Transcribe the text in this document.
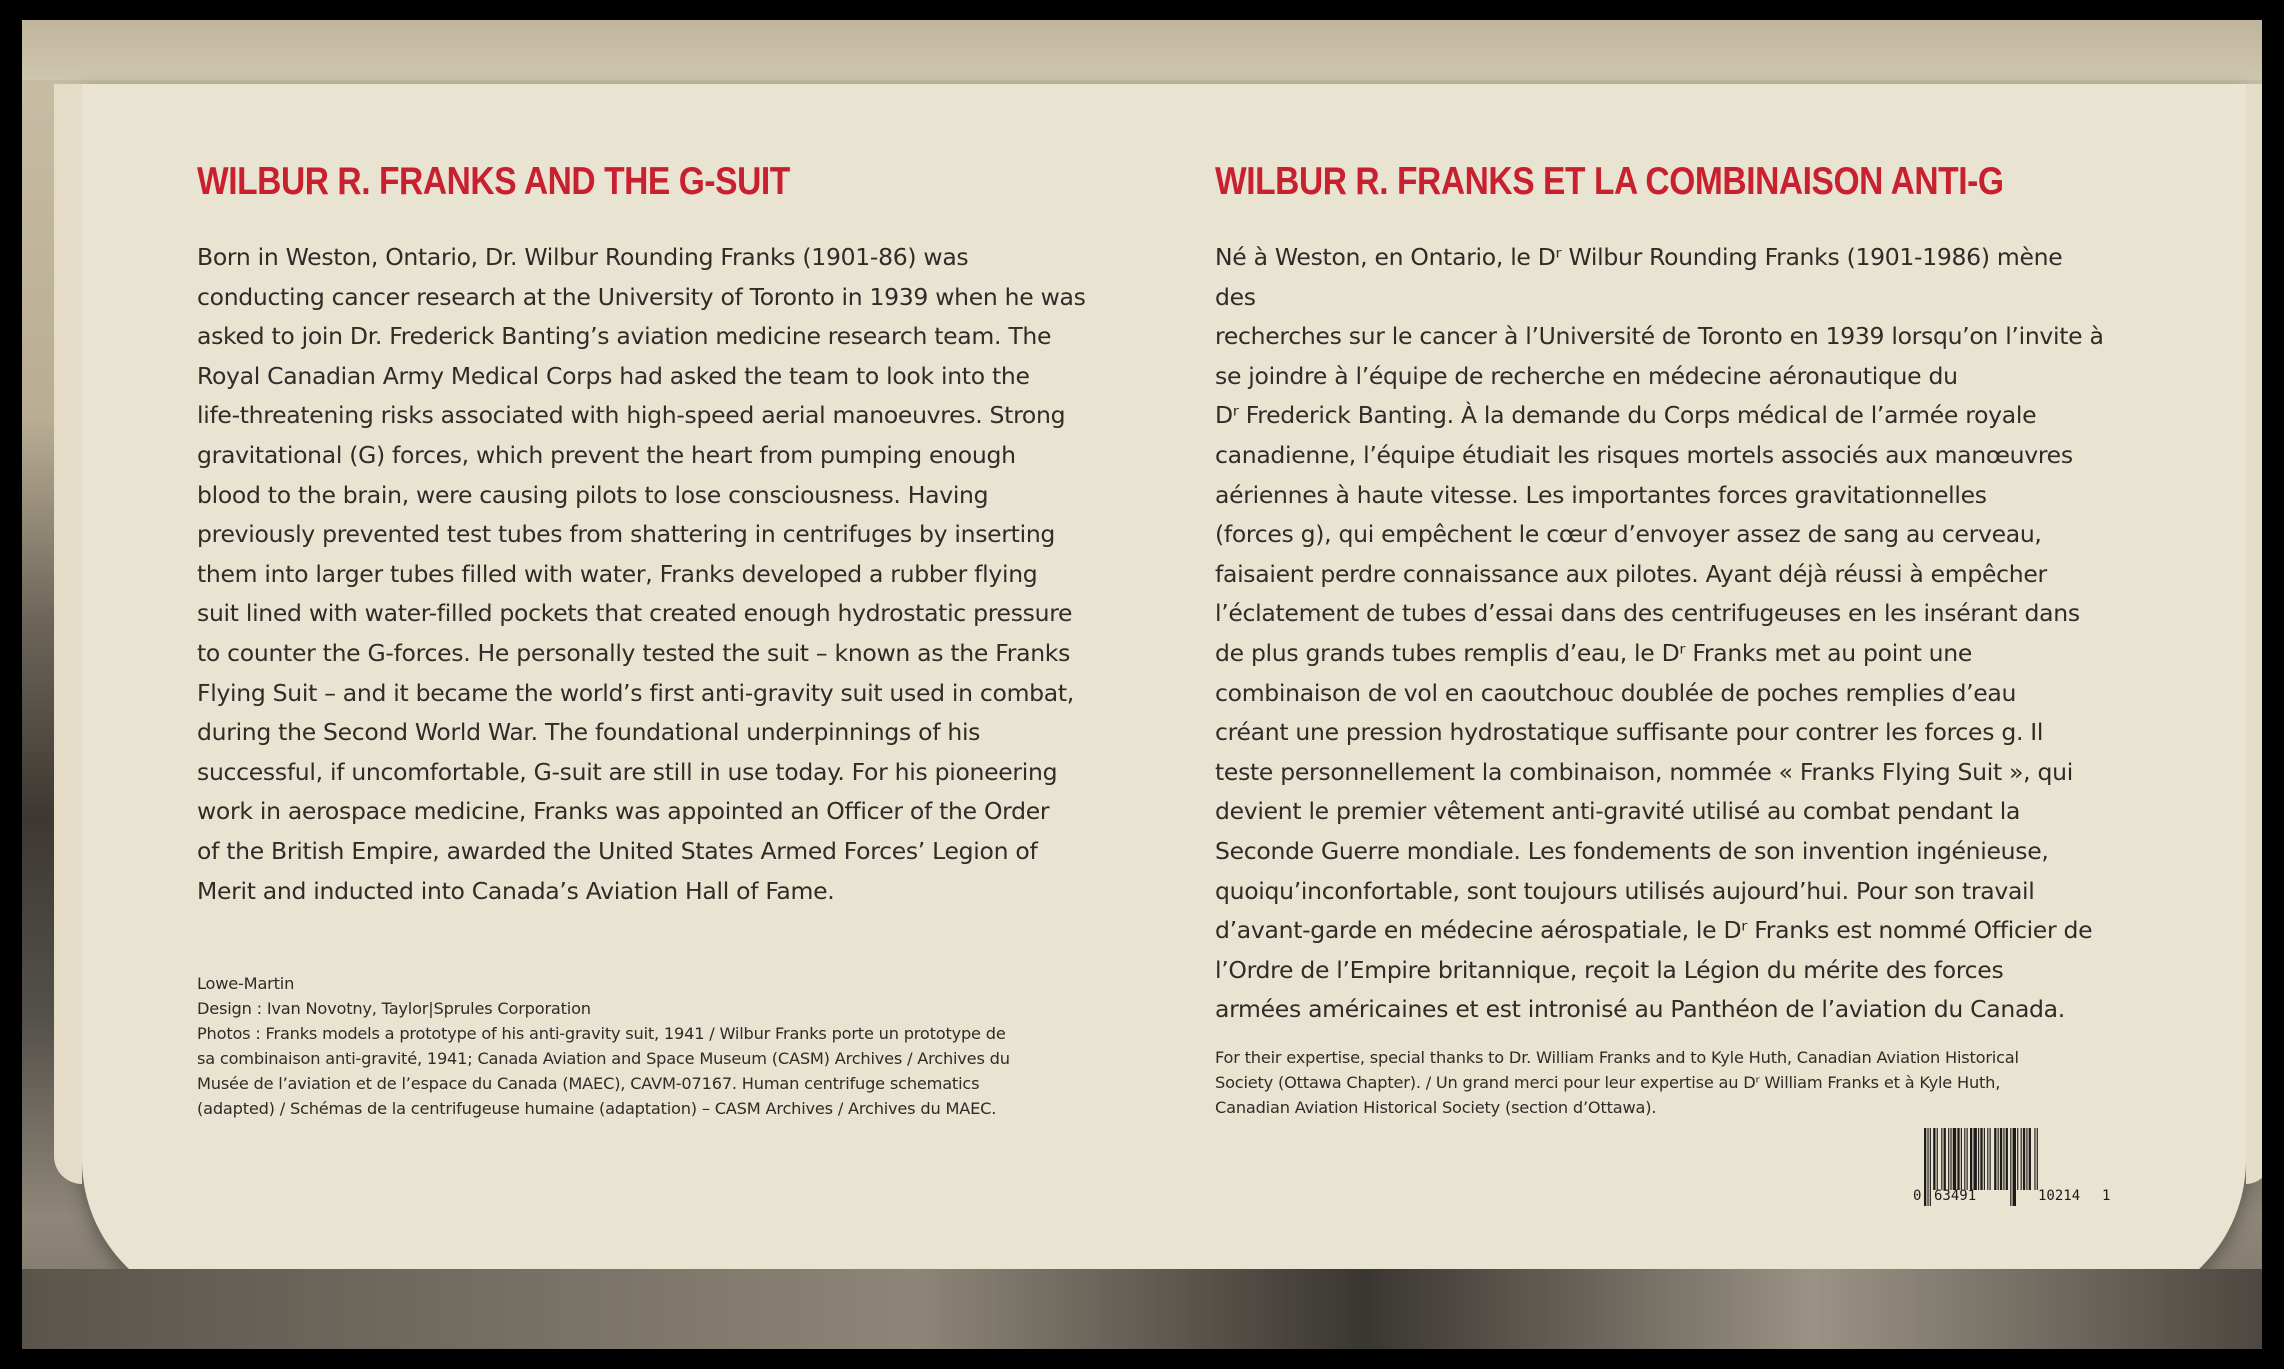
WILBUR R. FRANKS AND THE G-SUIT
Born in Weston, Ontario, Dr. Wilbur Rounding Franks (1901-86) was
conducting cancer research at the University of Toronto in 1939 when he was
asked to join Dr. Frederick Banting’s aviation medicine research team. The
Royal Canadian Army Medical Corps had asked the team to look into the
life-threatening risks associated with high-speed aerial manoeuvres. Strong
gravitational (G) forces, which prevent the heart from pumping enough
blood to the brain, were causing pilots to lose consciousness. Having
previously prevented test tubes from shattering in centrifuges by inserting
them into larger tubes filled with water, Franks developed a rubber flying
suit lined with water-filled pockets that created enough hydrostatic pressure
to counter the G-forces. He personally tested the suit – known as the Franks
Flying Suit – and it became the world’s first anti-gravity suit used in combat,
during the Second World War. The foundational underpinnings of his
successful, if uncomfortable, G-suit are still in use today. For his pioneering
work in aerospace medicine, Franks was appointed an Officer of the Order
of the British Empire, awarded the United States Armed Forces’ Legion of
Merit and inducted into Canada’s Aviation Hall of Fame.

Lowe-Martin

Design : Ivan Novotny, Taylor|Sprules Corporation

Photos : Franks models a prototype of his anti-gravity suit, 1941 / Wilbur Franks porte un prototype de

sa combinaison anti-gravité, 1941; Canada Aviation and Space Museum (CASM) Archives / Archives du

Musée de l’aviation et de l’espace du Canada (MAEC), CAVM-07167. Human centrifuge schematics

(adapted) / Schémas de la centrifugeuse humaine (adaptation) – CASM Archives / Archives du MAEC.

WILBUR R. FRANKS ET LA COMBINAISON ANTI-G
Né à Weston, en Ontario, le Dʳ Wilbur Rounding Franks (1901-1986) mène des
recherches sur le cancer à l’Université de Toronto en 1939 lorsqu’on l’invite à
se joindre à l’équipe de recherche en médecine aéronautique du
Dʳ Frederick Banting. À la demande du Corps médical de l’armée royale
canadienne, l’équipe étudiait les risques mortels associés aux manœuvres
aériennes à haute vitesse. Les importantes forces gravitationnelles
(forces g), qui empêchent le cœur d’envoyer assez de sang au cerveau,
faisaient perdre connaissance aux pilotes. Ayant déjà réussi à empêcher
l’éclatement de tubes d’essai dans des centrifugeuses en les insérant dans
de plus grands tubes remplis d’eau, le Dʳ Franks met au point une
combinaison de vol en caoutchouc doublée de poches remplies d’eau
créant une pression hydrostatique suffisante pour contrer les forces g. Il
teste personnellement la combinaison, nommée « Franks Flying Suit », qui
devient le premier vêtement anti-gravité utilisé au combat pendant la
Seconde Guerre mondiale. Les fondements de son invention ingénieuse,
quoiqu’inconfortable, sont toujours utilisés aujourd’hui. Pour son travail
d’avant-garde en médecine aérospatiale, le Dʳ Franks est nommé Officier de
l’Ordre de l’Empire britannique, reçoit la Légion du mérite des forces
armées américaines et est intronisé au Panthéon de l’aviation du Canada.
For their expertise, special thanks to Dr. William Franks and to Kyle Huth, Canadian Aviation Historical
Society (Ottawa Chapter). / Un grand merci pour leur expertise au Dʳ William Franks et à Kyle Huth,
Canadian Aviation Historical Society (section d’Ottawa).
0 63491	10214 1
